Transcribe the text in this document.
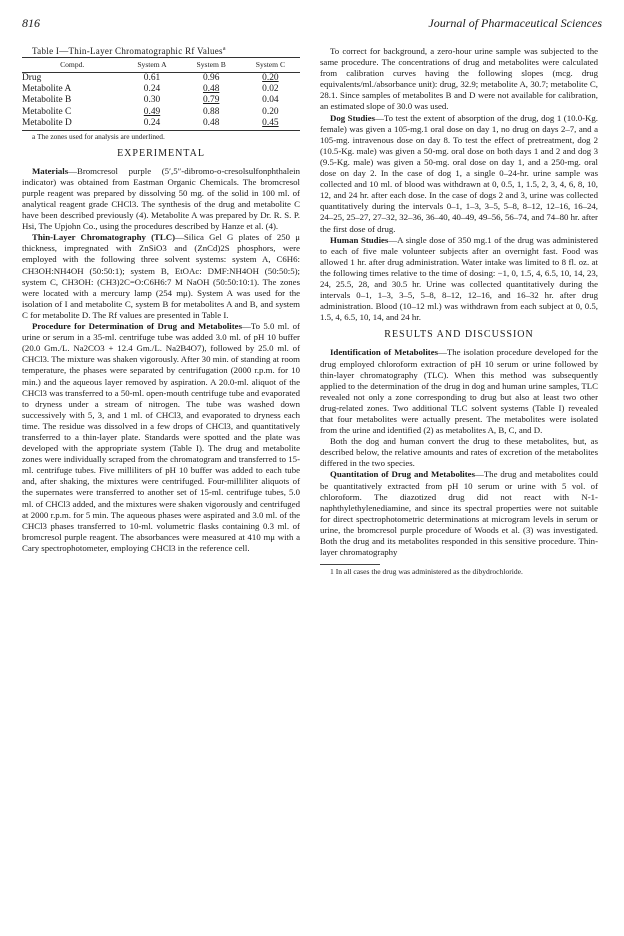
816	Journal of Pharmaceutical Sciences

Table I—Thin-Layer Chromatographic Rf Values$^a$

Compd.	System A	System B	System C
Drug	0.61	0.96	0.20
Metabolite A	0.24	0.48	0.02
Metabolite B	0.30	0.79	0.04
Metabolite C	0.49	0.88	0.20
Metabolite D	0.24	0.48	0.45

a The zones used for analysis are underlined.

EXPERIMENTAL

Materials—Bromcresol purple (5′,5″-dibromo-o-cresolsulfonphthalein indicator) was obtained from Eastman Organic Chemicals. The bromcresol purple reagent was prepared by dissolving 50 mg. of the solid in 100 ml. of analytical reagent grade CHCl3. The synthesis of the drug and metabolite C have been described previously (4). Metabolite A was prepared by Dr. R. S. P. Hsi, The Upjohn Co., using the procedures described by Hanze et al. (4).

Thin-Layer Chromatography (TLC)—Silica Gel G plates of 250 μ thickness, impregnated with ZnSiO3 and (ZnCd)2S phosphors, were employed with the following three solvent systems: system A, C6H6: CH3OH:NH4OH (50:50:1); system B, EtOAc: DMF:NH4OH (50:50:5); system C, CH3OH: (CH3)2C=O:C6H6:7 M NaOH (50:50:10:1). The zones were located with a mercury lamp (254 mμ). System A was used for the isolation of I and metabolite C, system B for metabolites A and B, and system C for metabolite D. The Rf values are presented in Table I.

Procedure for Determination of Drug and Metabolites—To 5.0 ml. of urine or serum in a 35-ml. centrifuge tube was added 3.0 ml. of pH 10 buffer (20.0 Gm./L. Na2CO3 + 12.4 Gm./L. Na2B4O7), followed by 25.0 ml. of CHCl3. The mixture was shaken vigorously. After 30 min. of standing at room temperature, the phases were separated by centrifugation (2000 r.p.m. for 10 min.) and the aqueous layer removed by aspiration. A 20.0-ml. aliquot of the CHCl3 was transferred to a 50-ml. open-mouth centrifuge tube and evaporated to dryness under a stream of nitrogen. The tube was washed down successively with 5, 3, and 1 ml. of CHCl3, and evaporated to dryness each time. The residue was dissolved in a few drops of CHCl3, and quantitatively transferred to a thin-layer plate. Standards were spotted and the plate was developed with the appropriate system (Table I). The drug and metabolite zones were individually scraped from the chromatogram and transferred to 15-ml. centrifuge tubes. Five milliliters of pH 10 buffer was added to each tube and, after shaking, the mixtures were centrifuged. Four-milliliter aliquots of the supernates were transferred to another set of 15-ml. centrifuge tubes, 5.0 ml. of CHCl3 added, and the mixtures were shaken vigorously and centrifuged at 2000 r.p.m. for 5 min. The aqueous phases were aspirated and 3.0 ml. of the CHCl3 phases transferred to 10-ml. volumetric flasks containing 0.3 ml. of bromcresol purple reagent. The absorbances were measured at 410 mμ with a Cary spectrophotometer, employing CHCl3 in the reference cell.

To correct for background, a zero-hour urine sample was subjected to the same procedure. The concentrations of drug and metabolites were calculated from calibration curves having the following slopes (mcg. drug equivalents/ml./absorbance unit): drug, 32.9; metabolite A, 30.7; metabolite C, 28.1. Since samples of metabolites B and D were not available for calibration, an estimated slope of 30.0 was used.

Dog Studies—To test the extent of absorption of the drug, dog 1 (10.0-Kg. female) was given a 105-mg.1 oral dose on day 1, no drug on days 2–7, and a 105-mg. intravenous dose on day 8. To test the effect of pretreatment, dog 2 (10.5-Kg. male) was given a 50-mg. oral dose on both days 1 and 2 and dog 3 (9.5-Kg. male) was given a 50-mg. oral dose on day 1, and a 250-mg. oral dose on day 2. In the case of dog 1, a single 0–24-hr. urine sample was collected and 10 ml. of blood was withdrawn at 0, 0.5, 1, 1.5, 2, 3, 4, 6, 8, 10, 12, and 24 hr. after each dose. In the case of dogs 2 and 3, urine was collected quantitatively during the intervals 0–1, 1–3, 3–5, 5–8, 8–12, 12–16, 16–24, 24–25, 25–27, 27–32, 32–36, 36–40, 40–49, 49–56, 56–74, and 74–80 hr. after the first dose of drug.

Human Studies—A single dose of 350 mg.1 of the drug was administered to each of five male volunteer subjects after an overnight fast. Food was allowed 1 hr. after drug administration. Water intake was limited to 8 fl. oz. at the following times relative to the time of dosing: −1, 0, 1.5, 4, 6.5, 10, 14, 23, 24, 25.5, 28, and 30.5 hr. Urine was collected quantitatively during the intervals 0–1, 1–3, 3–5, 5–8, 8–12, 12–16, and 16–32 hr. after drug administration. Blood (10–12 ml.) was withdrawn from each subject at 0, 0.5, 1.5, 4, 6.5, 10, 14, and 24 hr.

RESULTS AND DISCUSSION

Identification of Metabolites—The isolation procedure developed for the drug employed chloroform extraction of pH 10 serum or urine followed by thin-layer chromatography (TLC). When this method was subsequently applied to the determination of the drug in dog and human urine samples, TLC revealed not only a zone corresponding to drug but also at least two other drug-related zones. Two additional TLC solvent systems (Table I) revealed that four metabolites were actually present. The metabolites were isolated from the urine and identified (2) as metabolites A, B, C, and D.

Both the dog and human convert the drug to these metabolites, but, as described below, the relative amounts and rates of excretion of the metabolites differed in the two species.

Quantitation of Drug and Metabolites—The drug and metabolites could be quantitatively extracted from pH 10 serum or urine with 5 vol. of chloroform. The diazotized drug did not react with N-1-naphthylethylenediamine, and since its spectral properties were not suitable for direct spectrophotometric determinations at microgram levels in serum or urine, the bromcresol purple procedure of Woods et al. (3) was investigated. Both the drug and its metabolites responded in this sensitive procedure. Thin-layer chromatography

1 In all cases the drug was administered as the dibydrochloride.
